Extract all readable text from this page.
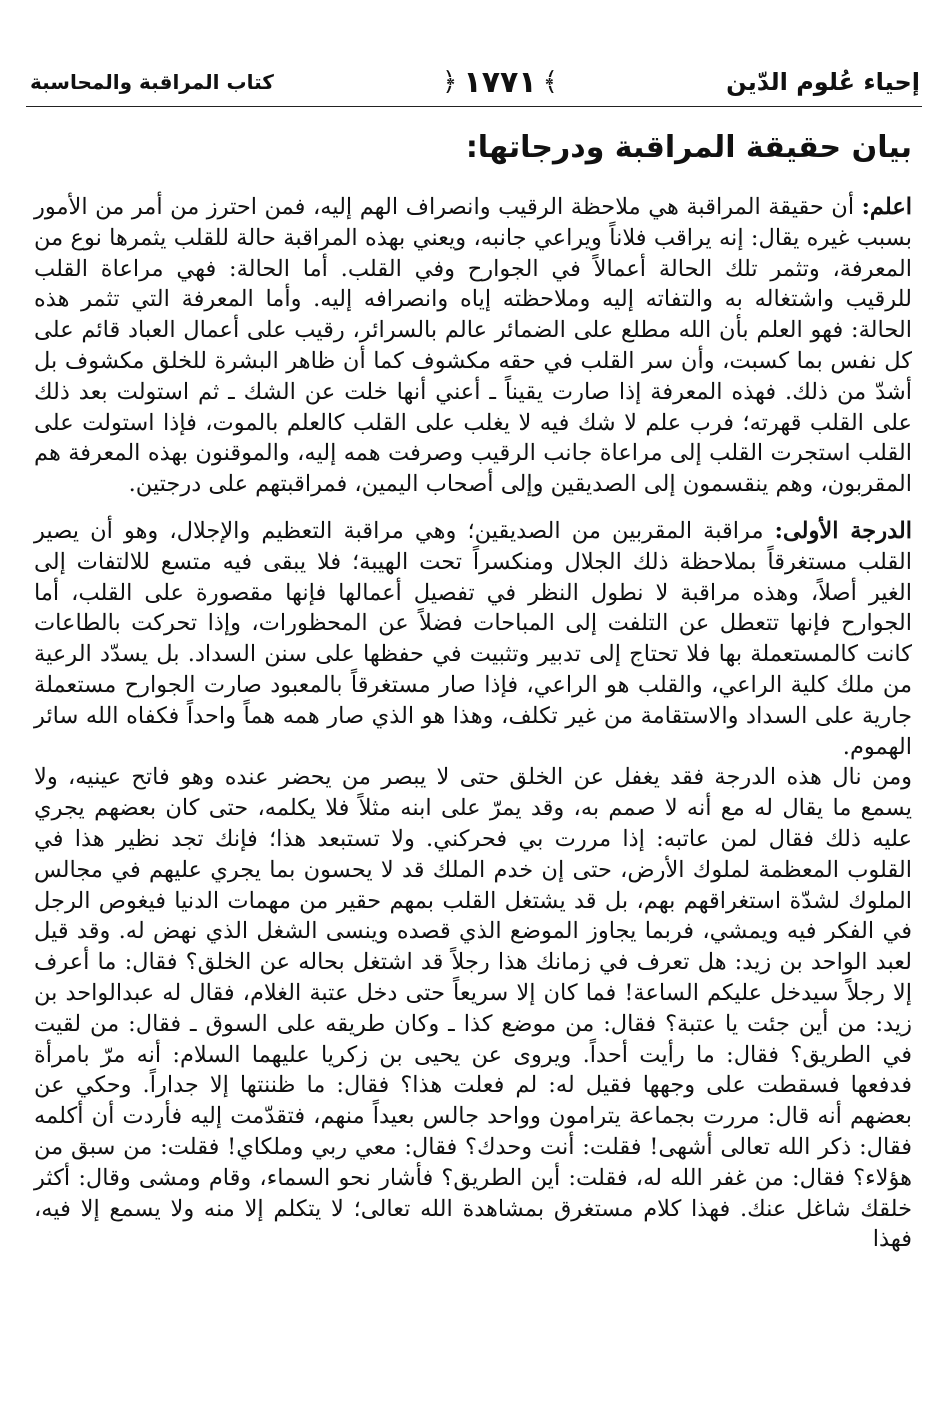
إحياء عُلوم الدّين
﴾
١٧٧١
﴿
كتاب المراقبة والمحاسبة
بيان حقيقة المراقبة ودرجاتها:

اعلم: أن حقيقة المراقبة هي ملاحظة الرقيب وانصراف الهم إليه، فمن احترز من أمر من الأمور بسبب غيره يقال: إنه يراقب فلاناً ويراعي جانبه، ويعني بهذه المراقبة حالة للقلب يثمرها نوع من المعرفة، وتثمر تلك الحالة أعمالاً في الجوارح وفي القلب. أما الحالة: فهي مراعاة القلب للرقيب واشتغاله به والتفاته إليه وملاحظته إياه وانصرافه إليه. وأما المعرفة التي تثمر هذه الحالة: فهو العلم بأن الله مطلع على الضمائر عالم بالسرائر، رقيب على أعمال العباد قائم على كل نفس بما كسبت، وأن سر القلب في حقه مكشوف كما أن ظاهر البشرة للخلق مكشوف بل أشدّ من ذلك. فهذه المعرفة إذا صارت يقيناً ـ أعني أنها خلت عن الشك ـ ثم استولت بعد ذلك على القلب قهرته؛ فرب علم لا شك فيه لا يغلب على القلب كالعلم بالموت، فإذا استولت على القلب استجرت القلب إلى مراعاة جانب الرقيب وصرفت همه إليه، والموقنون بهذه المعرفة هم المقربون، وهم ينقسمون إلى الصديقين وإلى أصحاب اليمين، فمراقبتهم على درجتين.

الدرجة الأولى: مراقبة المقربين من الصديقين؛ وهي مراقبة التعظيم والإجلال، وهو أن يصير القلب مستغرقاً بملاحظة ذلك الجلال ومنكسراً تحت الهيبة؛ فلا يبقى فيه متسع للالتفات إلى الغير أصلاً، وهذه مراقبة لا نطول النظر في تفصيل أعمالها فإنها مقصورة على القلب، أما الجوارح فإنها تتعطل عن التلفت إلى المباحات فضلاً عن المحظورات، وإذا تحركت بالطاعات كانت كالمستعملة بها فلا تحتاج إلى تدبير وتثبيت في حفظها على سنن السداد. بل يسدّد الرعية من ملك كلية الراعي، والقلب هو الراعي، فإذا صار مستغرقاً بالمعبود صارت الجوارح مستعملة جارية على السداد والاستقامة من غير تكلف، وهذا هو الذي صار همه هماً واحداً فكفاه الله سائر الهموم.

ومن نال هذه الدرجة فقد يغفل عن الخلق حتى لا يبصر من يحضر عنده وهو فاتح عينيه، ولا يسمع ما يقال له مع أنه لا صمم به، وقد يمرّ على ابنه مثلاً فلا يكلمه، حتى كان بعضهم يجري عليه ذلك فقال لمن عاتبه: إذا مررت بي فحركني. ولا تستبعد هذا؛ فإنك تجد نظير هذا في القلوب المعظمة لملوك الأرض، حتى إن خدم الملك قد لا يحسون بما يجري عليهم في مجالس الملوك لشدّة استغراقهم بهم، بل قد يشتغل القلب بمهم حقير من مهمات الدنيا فيغوص الرجل في الفكر فيه ويمشي، فربما يجاوز الموضع الذي قصده وينسى الشغل الذي نهض له. وقد قيل لعبد الواحد بن زيد: هل تعرف في زمانك هذا رجلاً قد اشتغل بحاله عن الخلق؟ فقال: ما أعرف إلا رجلاً سيدخل عليكم الساعة! فما كان إلا سريعاً حتى دخل عتبة الغلام، فقال له عبدالواحد بن زيد: من أين جئت يا عتبة؟ فقال: من موضع كذا ـ وكان طريقه على السوق ـ فقال: من لقيت في الطريق؟ فقال: ما رأيت أحداً. ويروى عن يحيى بن زكريا عليهما السلام: أنه مرّ بامرأة فدفعها فسقطت على وجهها فقيل له: لم فعلت هذا؟ فقال: ما ظننتها إلا جداراً. وحكي عن بعضهم أنه قال: مررت بجماعة يترامون وواحد جالس بعيداً منهم، فتقدّمت إليه فأردت أن أكلمه فقال: ذكر الله تعالى أشهى! فقلت: أنت وحدك؟ فقال: معي ربي وملكاي! فقلت: من سبق من هؤلاء؟ فقال: من غفر الله له، فقلت: أين الطريق؟ فأشار نحو السماء، وقام ومشى وقال: أكثر خلقك شاغل عنك. فهذا كلام مستغرق بمشاهدة الله تعالى؛ لا يتكلم إلا منه ولا يسمع إلا فيه، فهذا
